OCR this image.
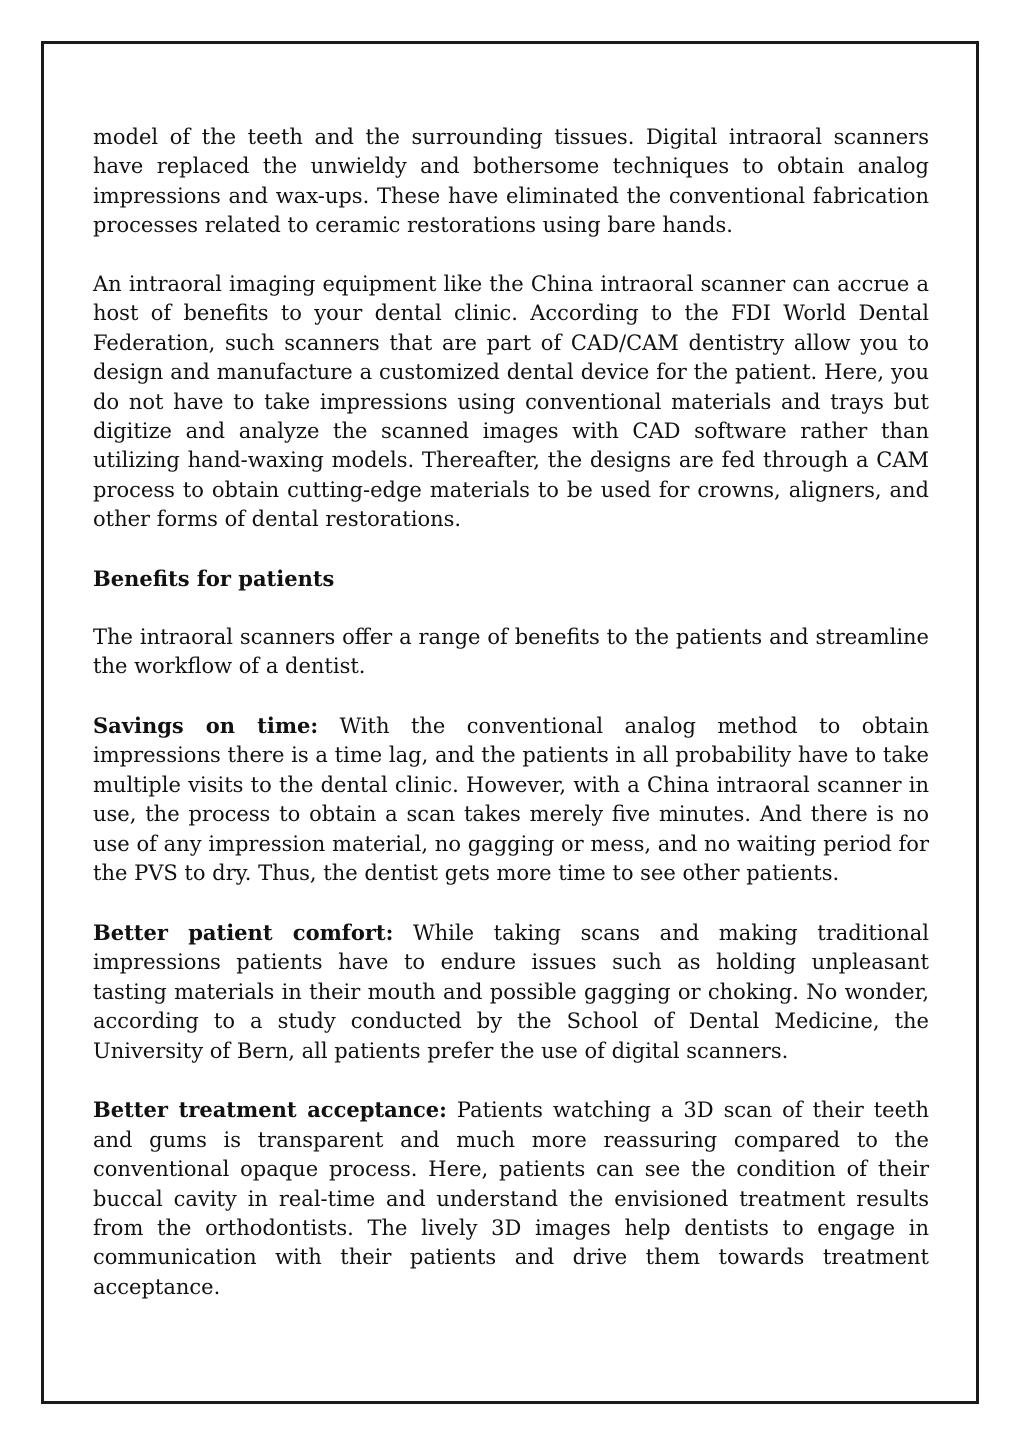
model of the teeth and the surrounding tissues. Digital intraoral scanners have replaced the unwieldy and bothersome techniques to obtain analog impressions and wax-ups. These have eliminated the conventional fabrication processes related to ceramic restorations using bare hands.

An intraoral imaging equipment like the China intraoral scanner can accrue a host of benefits to your dental clinic. According to the FDI World Dental Federation, such scanners that are part of CAD/CAM dentistry allow you to design and manufacture a customized dental device for the patient. Here, you do not have to take impressions using conventional materials and trays but digitize and analyze the scanned images with CAD software rather than utilizing hand-waxing models. Thereafter, the designs are fed through a CAM process to obtain cutting-edge materials to be used for crowns, aligners, and other forms of dental restorations.

Benefits for patients

The intraoral scanners offer a range of benefits to the patients and streamline the workflow of a dentist.

Savings on time: With the conventional analog method to obtain impressions there is a time lag, and the patients in all probability have to take multiple visits to the dental clinic. However, with a China intraoral scanner in use, the process to obtain a scan takes merely five minutes. And there is no use of any impression material, no gagging or mess, and no waiting period for the PVS to dry. Thus, the dentist gets more time to see other patients.

Better patient comfort: While taking scans and making traditional impressions patients have to endure issues such as holding unpleasant tasting materials in their mouth and possible gagging or choking. No wonder, according to a study conducted by the School of Dental Medicine, the University of Bern, all patients prefer the use of digital scanners.

Better treatment acceptance: Patients watching a 3D scan of their teeth and gums is transparent and much more reassuring compared to the conventional opaque process. Here, patients can see the condition of their buccal cavity in real-time and understand the envisioned treatment results from the orthodontists. The lively 3D images help dentists to engage in communication with their patients and drive them towards treatment acceptance.
